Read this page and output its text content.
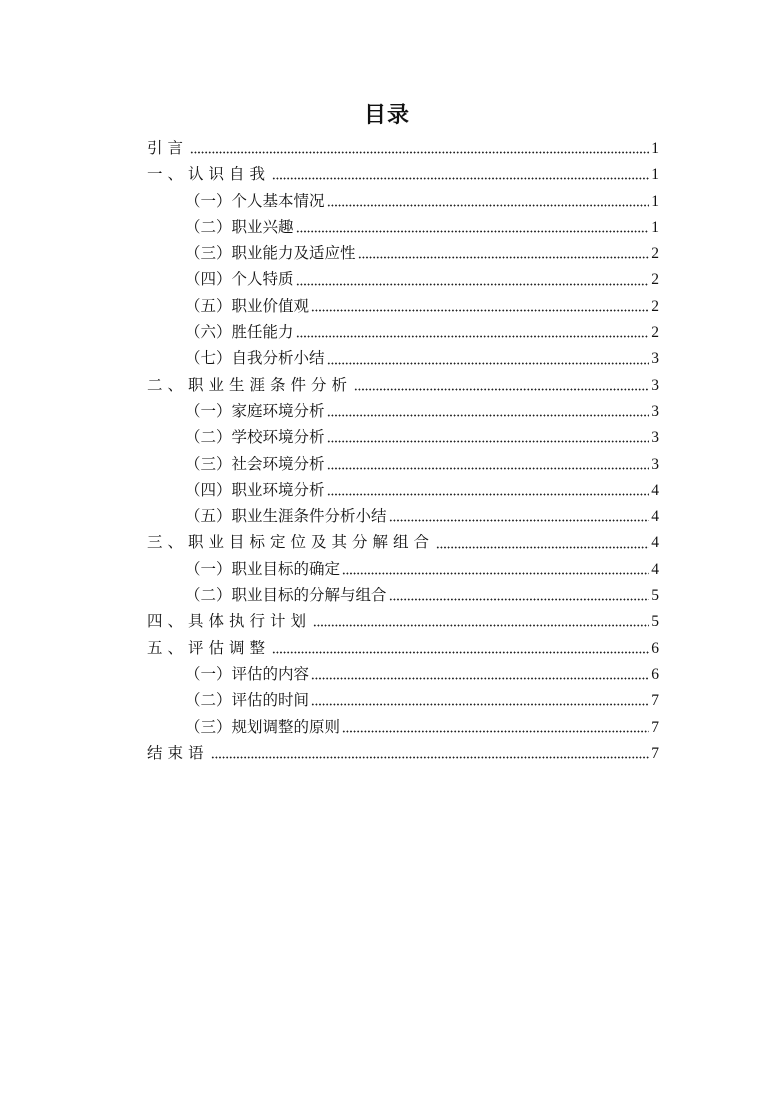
目录
引言	1
一、认识自我	1
（一）个人基本情况	1
（二）职业兴趣	1
（三）职业能力及适应性	2
（四）个人特质	2
（五）职业价值观	2
（六）胜任能力	2
（七）自我分析小结	3
二、职业生涯条件分析	3
（一）家庭环境分析	3
（二）学校环境分析	3
（三）社会环境分析	3
（四）职业环境分析	4
（五）职业生涯条件分析小结	4
三、职业目标定位及其分解组合	4
（一）职业目标的确定	4
（二）职业目标的分解与组合	5
四、具体执行计划	5
五、评估调整	6
（一）评估的内容	6
（二）评估的时间	7
（三）规划调整的原则	7
结束语	7
